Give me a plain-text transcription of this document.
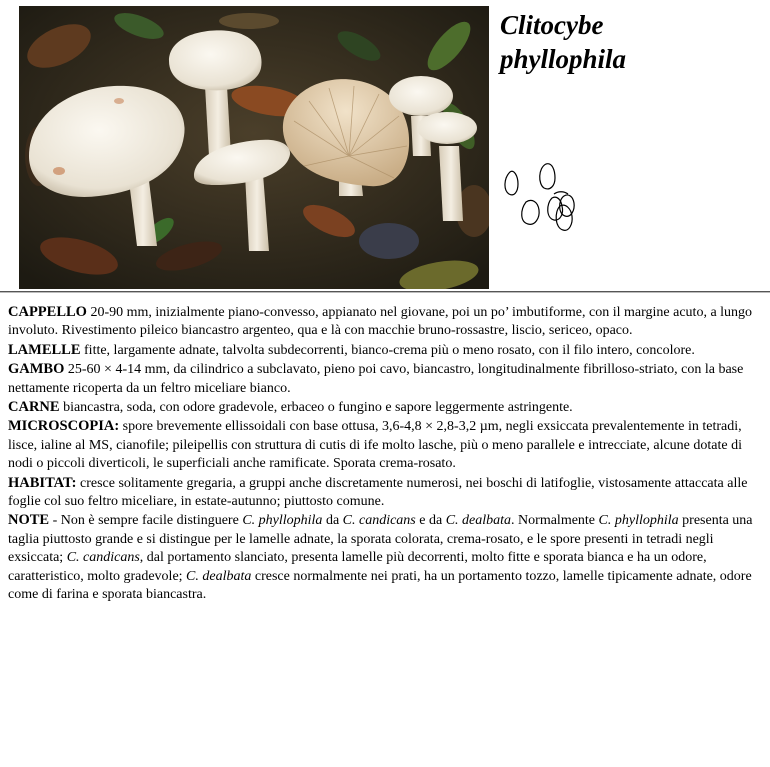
Clitocybe
phyllophila

CAPPELLO 20-90 mm, inizialmente piano-convesso, appianato nel giovane, poi un po’ imbutiforme, con il margine acuto, a lungo involuto. Rivestimento pileico biancastro argenteo, qua e là con macchie bruno-rossastre, liscio, sericeo, opaco.

LAMELLE fitte, largamente adnate, talvolta subdecorrenti, bianco-crema più o meno rosato, con il filo intero, concolore.

GAMBO 25-60 × 4-14 mm, da cilindrico a subclavato, pieno poi cavo, biancastro, longitudinalmente fibrilloso-striato, con la base nettamente ricoperta da un feltro miceliare bianco.

CARNE biancastra, soda, con odore gradevole, erbaceo o fungino e sapore leggermente astringente.

MICROSCOPIA: spore brevemente ellissoidali con base ottusa, 3,6-4,8 × 2,8-3,2 µm, negli exsiccata prevalentemente in tetradi, lisce, ialine al MS, cianofile; pileipellis con struttura di cutis di ife molto lasche, più o meno parallele e intrecciate, alcune dotate di nodi o piccoli diverticoli, le superficiali anche ramificate. Sporata crema-rosato.

HABITAT: cresce solitamente gregaria, a gruppi anche discretamente numerosi, nei boschi di latifoglie, vistosamente attaccata alle foglie col suo feltro miceliare, in estate-autunno; piuttosto comune.

NOTE - Non è sempre facile distinguere C. phyllophila da C. candicans e da C. dealbata. Normalmente C. phyllophila presenta una taglia piuttosto grande e si distingue per le lamelle adnate, la sporata colorata, crema-rosato, e le spore presenti in tetradi negli exsiccata; C. candicans, dal portamento slanciato, presenta lamelle più decorrenti, molto fitte e sporata bianca e ha un odore, caratteristico, molto gradevole; C. dealbata cresce normalmente nei prati, ha un portamento tozzo, lamelle tipicamente adnate, odore come di farina e sporata biancastra.
